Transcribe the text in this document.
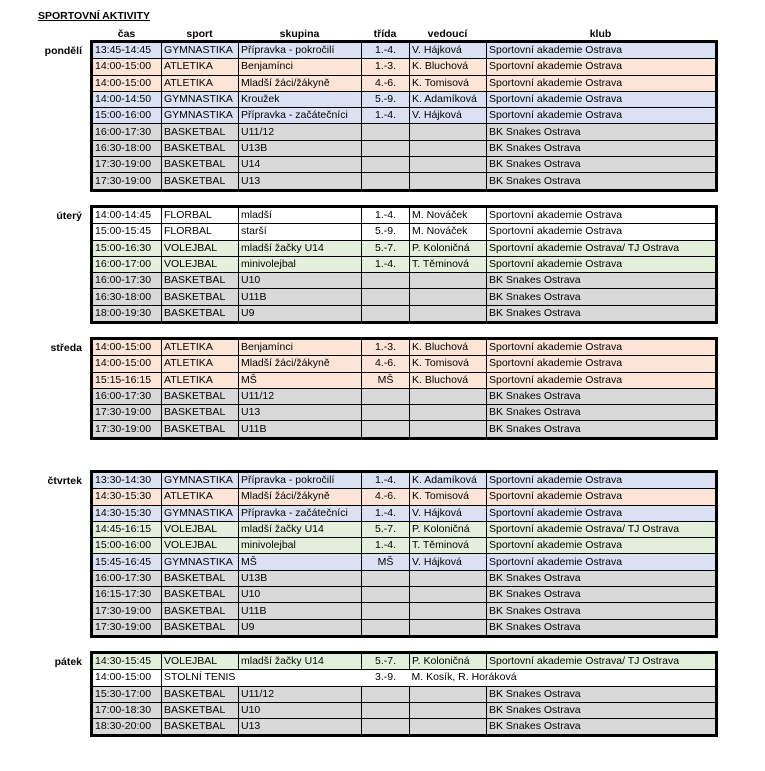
SPORTOVNÍ AKTIVITY
čas	sport	skupina	třída	vedoucí	klub
pondělí 13:45-14:45	GYMNASTIKA	Přípravka - pokročilí	1.-4.	V. Hájková	Sportovní akademie Ostrava
14:00-15:00	ATLETIKA	Benjamínci	1.-3.	K. Bluchová	Sportovní akademie Ostrava
14:00-15:00	ATLETIKA	Mladší žáci/žákyně	4.-6.	K. Tomisová	Sportovní akademie Ostrava
14:00-14:50	GYMNASTIKA	Kroužek	5.-9.	K. Adamíková	Sportovní akademie Ostrava
15:00-16:00	GYMNASTIKA	Přípravka - začátečníci	1.-4.	V. Hájková	Sportovní akademie Ostrava
16:00-17:30	BASKETBAL	U11/12			BK Snakes Ostrava
16:30-18:00	BASKETBAL	U13B			BK Snakes Ostrava
17:30-19:00	BASKETBAL	U14			BK Snakes Ostrava
17:30-19:00	BASKETBAL	U13			BK Snakes Ostrava
úterý 14:00-14:45	FLORBAL	mladší	1.-4.	M. Nováček	Sportovní akademie Ostrava
15:00-15:45	FLORBAL	starší	5.-9.	M. Nováček	Sportovní akademie Ostrava
15:00-16:30	VOLEJBAL	mladší žačky U14	5.-7.	P. Koloničná	Sportovní akademie Ostrava/ TJ Ostrava
16:00-17:00	VOLEJBAL	minivolejbal	1.-4.	T. Těminová	Sportovní akademie Ostrava
16:00-17:30	BASKETBAL	U10			BK Snakes Ostrava
16:30-18:00	BASKETBAL	U11B			BK Snakes Ostrava
18:00-19:30	BASKETBAL	U9			BK Snakes Ostrava
středa 14:00-15:00	ATLETIKA	Benjamínci	1.-3.	K. Bluchová	Sportovní akademie Ostrava
14:00-15:00	ATLETIKA	Mladší žáci/žákyně	4.-6.	K. Tomisová	Sportovní akademie Ostrava
15:15-16:15	ATLETIKA	MŠ	MŠ	K. Bluchová	Sportovní akademie Ostrava
16:00-17:30	BASKETBAL	U11/12			BK Snakes Ostrava
17:30-19:00	BASKETBAL	U13			BK Snakes Ostrava
17:30-19:00	BASKETBAL	U11B			BK Snakes Ostrava
čtvrtek 13:30-14:30	GYMNASTIKA	Přípravka - pokročilí	1.-4.	K. Adamíková	Sportovní akademie Ostrava
14:30-15:30	ATLETIKA	Mladší žáci/žákyně	4.-6.	K. Tomisová	Sportovní akademie Ostrava
14:30-15:30	GYMNASTIKA	Přípravka - začátečníci	1.-4.	V. Hájková	Sportovní akademie Ostrava
14:45-16:15	VOLEJBAL	mladší žačky U14	5.-7.	P. Koloničná	Sportovní akademie Ostrava/ TJ Ostrava
15:00-16:00	VOLEJBAL	minivolejbal	1.-4.	T. Těminová	Sportovní akademie Ostrava
15:45-16:45	GYMNASTIKA	MŠ	MŠ	V. Hájková	Sportovní akademie Ostrava
16:00-17:30	BASKETBAL	U13B			BK Snakes Ostrava
16:15-17:30	BASKETBAL	U10			BK Snakes Ostrava
17:30-19:00	BASKETBAL	U11B			BK Snakes Ostrava
17:30-19:00	BASKETBAL	U9			BK Snakes Ostrava
pátek 14:30-15:45	VOLEJBAL	mladší žačky U14	5.-7.	P. Koloničná	Sportovní akademie Ostrava/ TJ Ostrava
14:00-15:00	STOLNÍ TENIS		3.-9.	M. Kosík, R. Horáková	
15:30-17:00	BASKETBAL	U11/12			BK Snakes Ostrava
17:00-18:30	BASKETBAL	U10			BK Snakes Ostrava
18:30-20:00	BASKETBAL	U13			BK Snakes Ostrava
